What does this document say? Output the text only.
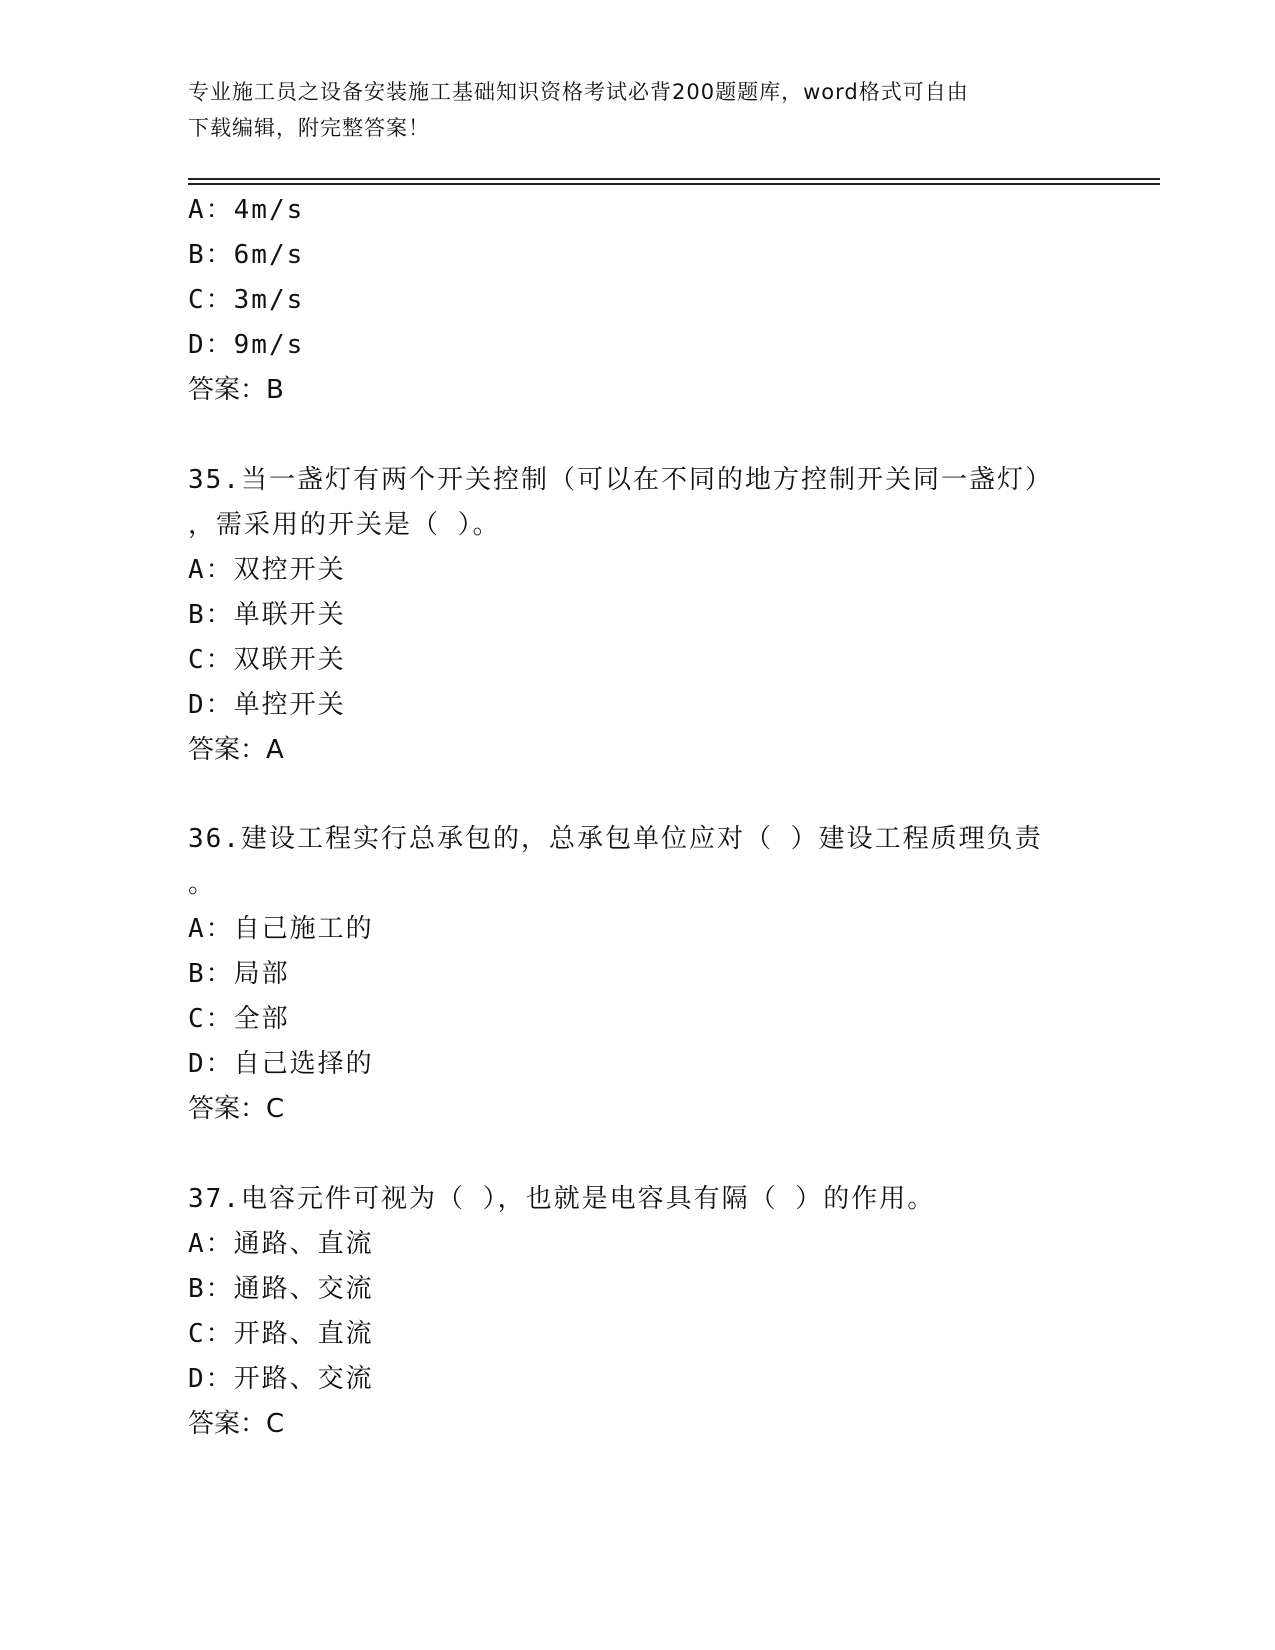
专业施工员之设备安装施工基础知识资格考试必背200题题库，word格式可自由
下载编辑，附完整答案！
A：4m/s
B：6m/s
C：3m/s
D：9m/s
答案：B
35.当一盏灯有两个开关控制（可以在不同的地方控制开关同一盏灯）
，需采用的开关是（ ）。
A：双控开关
B：单联开关
C：双联开关
D：单控开关
答案：A
36.建设工程实行总承包的，总承包单位应对（ ）建设工程质理负责
。
A：自己施工的
B：局部
C：全部
D：自己选择的
答案：C
37.电容元件可视为（ ），也就是电容具有隔（ ）的作用。
A：通路、直流
B：通路、交流
C：开路、直流
D：开路、交流
答案：C
